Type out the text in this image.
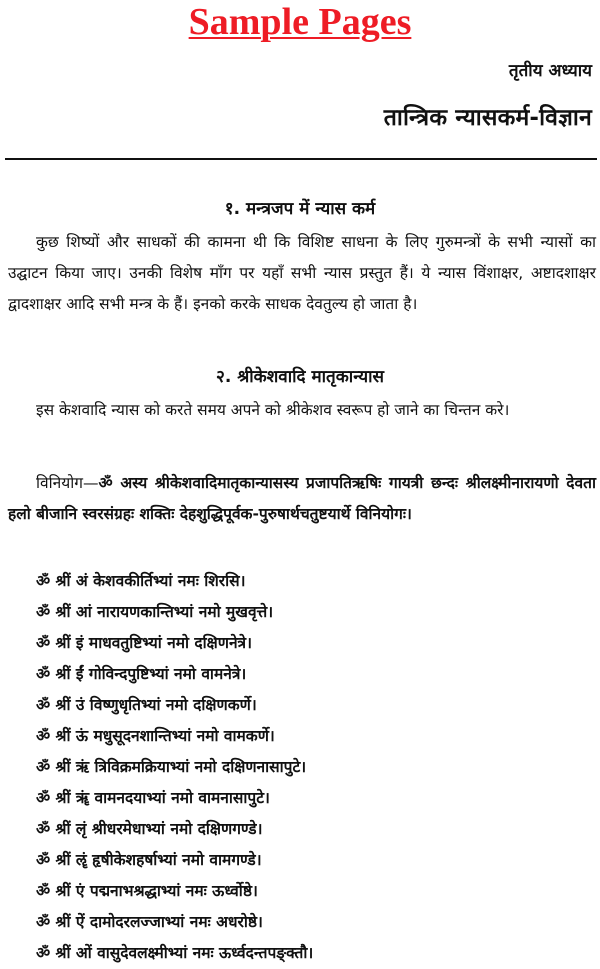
Sample Pages
तृतीय अध्याय
तान्त्रिक न्यासकर्म-विज्ञान
१. मन्त्रजप में न्यास कर्म
कुछ शिष्यों और साधकों की कामना थी कि विशिष्ट साधना के लिए गुरुमन्त्रों के सभी न्यासों का उद्घाटन किया जाए। उनकी विशेष माँग पर यहाँ सभी न्यास प्रस्तुत हैं। ये न्यास विंशाक्षर, अष्टादशाक्षर द्वादशाक्षर आदि सभी मन्त्र के हैं। इनको करके साधक देवतुल्य हो जाता है।
२. श्रीकेशवादि मातृकान्यास
इस केशवादि न्यास को करते समय अपने को श्रीकेशव स्वरूप हो जाने का चिन्तन करे।
विनियोग—ॐ अस्य श्रीकेशवादिमातृकान्यासस्य प्रजापतिऋषिः गायत्री छन्दः श्रीलक्ष्मीनारायणो देवता हलो बीजानि स्वरसंग्रहः शक्तिः देहशुद्धिपूर्वक-पुरुषार्थचतुष्टयार्थे विनियोगः।
ॐ श्रीं अं केशवकीर्तिभ्यां नमः शिरसि।
ॐ श्रीं आं नारायणकान्तिभ्यां नमो मुखवृत्ते।
ॐ श्रीं इं माधवतुष्टिभ्यां नमो दक्षिणनेत्रे।
ॐ श्रीं ईं गोविन्दपुष्टिभ्यां नमो वामनेत्रे।
ॐ श्रीं उं विष्णुधृतिभ्यां नमो दक्षिणकर्णे।
ॐ श्रीं ऊं मधुसूदनशान्तिभ्यां नमो वामकर्णे।
ॐ श्रीं ऋं त्रिविक्रमक्रियाभ्यां नमो दक्षिणनासापुटे।
ॐ श्रीं ॠं वामनदयाभ्यां नमो वामनासापुटे।
ॐ श्रीं लृं श्रीधरमेधाभ्यां नमो दक्षिणगण्डे।
ॐ श्रीं ॡं हृषीकेशहर्षाभ्यां नमो वामगण्डे।
ॐ श्रीं एं पद्मनाभश्रद्धाभ्यां नमः ऊर्ध्वोष्ठे।
ॐ श्रीं ऐं दामोदरलज्जाभ्यां नमः अधरोष्ठे।
ॐ श्रीं ओं वासुदेवलक्ष्मीभ्यां नमः ऊर्ध्वदन्तपङ्क्तौ।
